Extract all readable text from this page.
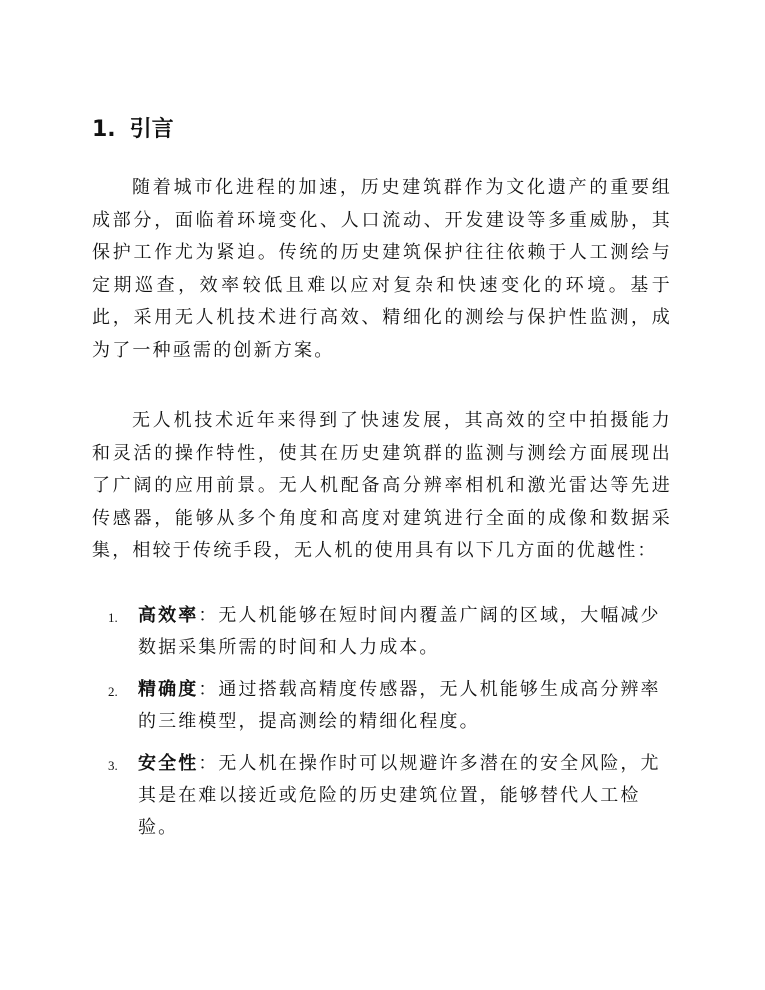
1. 引言

随着城市化进程的加速，历史建筑群作为文化遗产的重要组成部分，面临着环境变化、人口流动、开发建设等多重威胁，其保护工作尤为紧迫。传统的历史建筑保护往往依赖于人工测绘与定期巡查，效率较低且难以应对复杂和快速变化的环境。基于此，采用无人机技术进行高效、精细化的测绘与保护性监测，成为了一种亟需的创新方案。

无人机技术近年来得到了快速发展，其高效的空中拍摄能力和灵活的操作特性，使其在历史建筑群的监测与测绘方面展现出了广阔的应用前景。无人机配备高分辨率相机和激光雷达等先进传感器，能够从多个角度和高度对建筑进行全面的成像和数据采集，相较于传统手段，无人机的使用具有以下几方面的优越性：

1. 高效率：无人机能够在短时间内覆盖广阔的区域，大幅减少数据采集所需的时间和人力成本。
2. 精确度：通过搭载高精度传感器，无人机能够生成高分辨率的三维模型，提高测绘的精细化程度。
3. 安全性：无人机在操作时可以规避许多潜在的安全风险，尤其是在难以接近或危险的历史建筑位置，能够替代人工检验。
